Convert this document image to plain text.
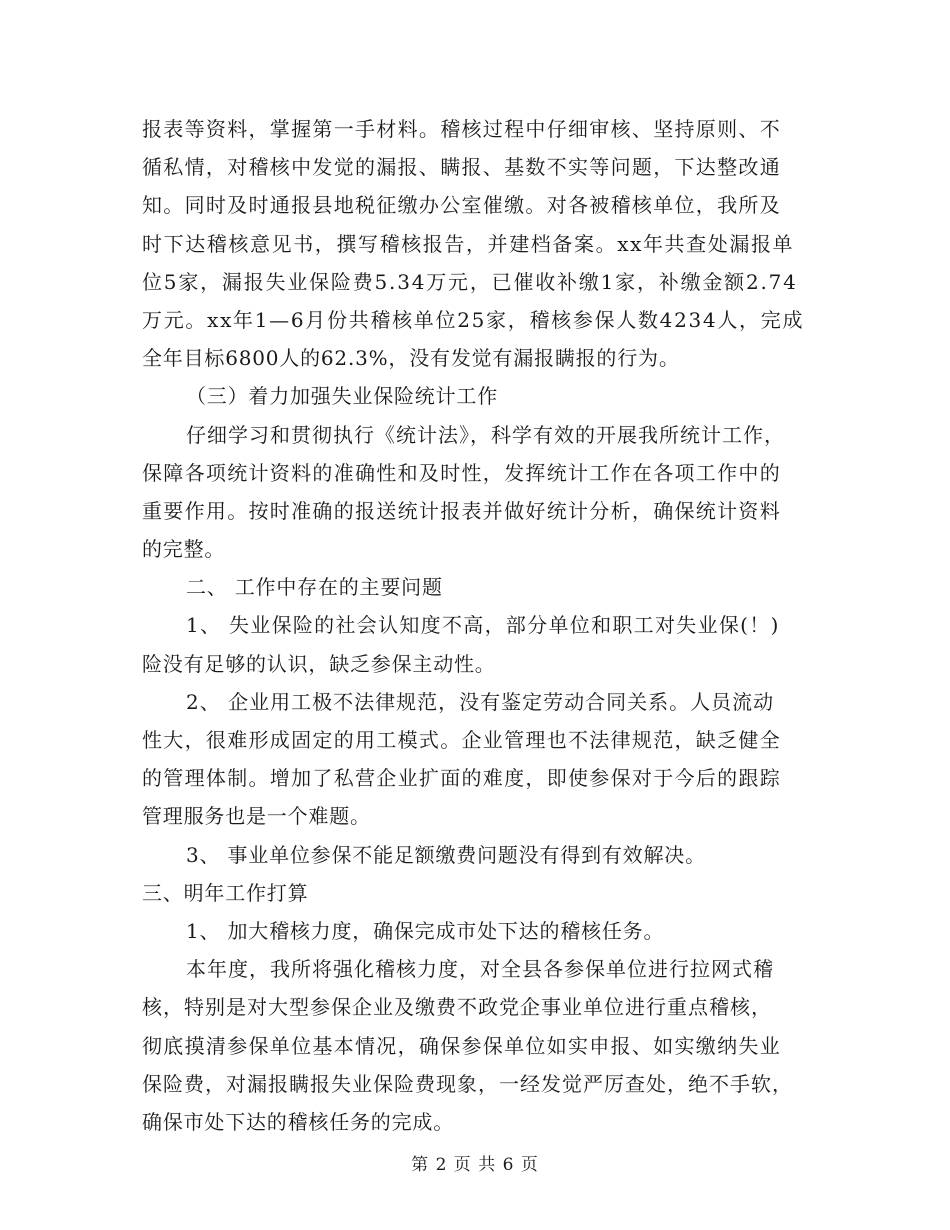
报表等资料，掌握第一手材料。稽核过程中仔细审核、坚持原则、不
循私情，对稽核中发觉的漏报、瞒报、基数不实等问题，下达整改通
知。同时及时通报县地税征缴办公室催缴。对各被稽核单位，我所及
时下达稽核意见书，撰写稽核报告，并建档备案。xx年共查处漏报单
位5家，漏报失业保险费5.34万元，已催收补缴1家，补缴金额2.74
万元。xx年1—6月份共稽核单位25家，稽核参保人数4234人，完成
全年目标6800人的62.3%，没有发觉有漏报瞒报的行为。
（三）着力加强失业保险统计工作
仔细学习和贯彻执行《统计法》，科学有效的开展我所统计工作，
保障各项统计资料的准确性和及时性，发挥统计工作在各项工作中的
重要作用。按时准确的报送统计报表并做好统计分析，确保统计资料
的完整。
二、 工作中存在的主要问题
1、 失业保险的社会认知度不高，部分单位和职工对失业保(！)
险没有足够的认识，缺乏参保主动性。
2、 企业用工极不法律规范，没有鉴定劳动合同关系。人员流动
性大，很难形成固定的用工模式。企业管理也不法律规范，缺乏健全
的管理体制。增加了私营企业扩面的难度，即使参保对于今后的跟踪
管理服务也是一个难题。
3、 事业单位参保不能足额缴费问题没有得到有效解决。
三、明年工作打算
1、 加大稽核力度，确保完成市处下达的稽核任务。
本年度，我所将强化稽核力度，对全县各参保单位进行拉网式稽
核，特别是对大型参保企业及缴费不政党企事业单位进行重点稽核，
彻底摸清参保单位基本情况，确保参保单位如实申报、如实缴纳失业
保险费，对漏报瞒报失业保险费现象，一经发觉严厉查处，绝不手软，
确保市处下达的稽核任务的完成。
第 2 页 共 6 页
